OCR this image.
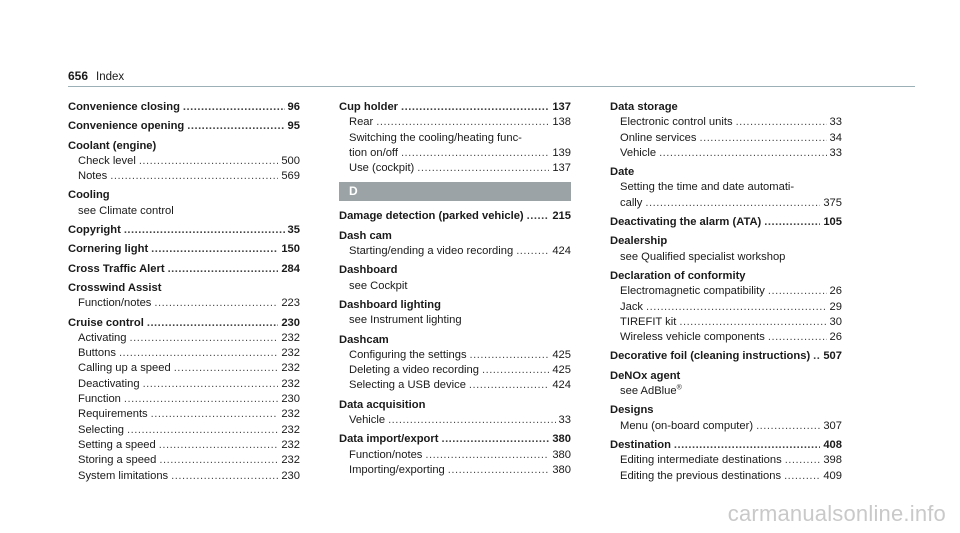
656 Index
Convenience closing .....	96
Convenience opening .....	95
Coolant (engine)
Check level .....	500
Notes .....	569
Cooling
see Climate control
Copyright .....	35
Cornering light .....	150
Cross Traffic Alert .....	284
Crosswind Assist
Function/notes .....	223
Cruise control .....	230
Activating .....	232
Buttons .....	232
Calling up a speed .....	232
Deactivating .....	232
Function .....	230
Requirements .....	232
Selecting .....	232
Setting a speed .....	232
Storing a speed .....	232
System limitations .....	230
Cup holder .....	137
Rear .....	138
Switching the cooling/heating func-
tion on/off .....	139
Use (cockpit) .....	137
D
Damage detection (parked vehicle) .....	215
Dash cam
Starting/ending a video recording .....	424
Dashboard
see Cockpit
Dashboard lighting
see Instrument lighting
Dashcam
Configuring the settings .....	425
Deleting a video recording .....	425
Selecting a USB device .....	424
Data acquisition
Vehicle .....	33
Data import/export .....	380
Function/notes .....	380
Importing/exporting .....	380
Data storage
Electronic control units .....	33
Online services .....	34
Vehicle .....	33
Date
Setting the time and date automati-
cally .....	375
Deactivating the alarm (ATA) .....	105
Dealership
see Qualified specialist workshop
Declaration of conformity
Electromagnetic compatibility .....	26
Jack .....	29
TIREFIT kit .....	30
Wireless vehicle components .....	26
Decorative foil (cleaning instructions) ..... 507
DeNOx agent
see AdBlue®
Designs
Menu (on-board computer) .....	307
Destination .....	408
Editing intermediate destinations .....	398
Editing the previous destinations .....	409
carmanualsonline.info
